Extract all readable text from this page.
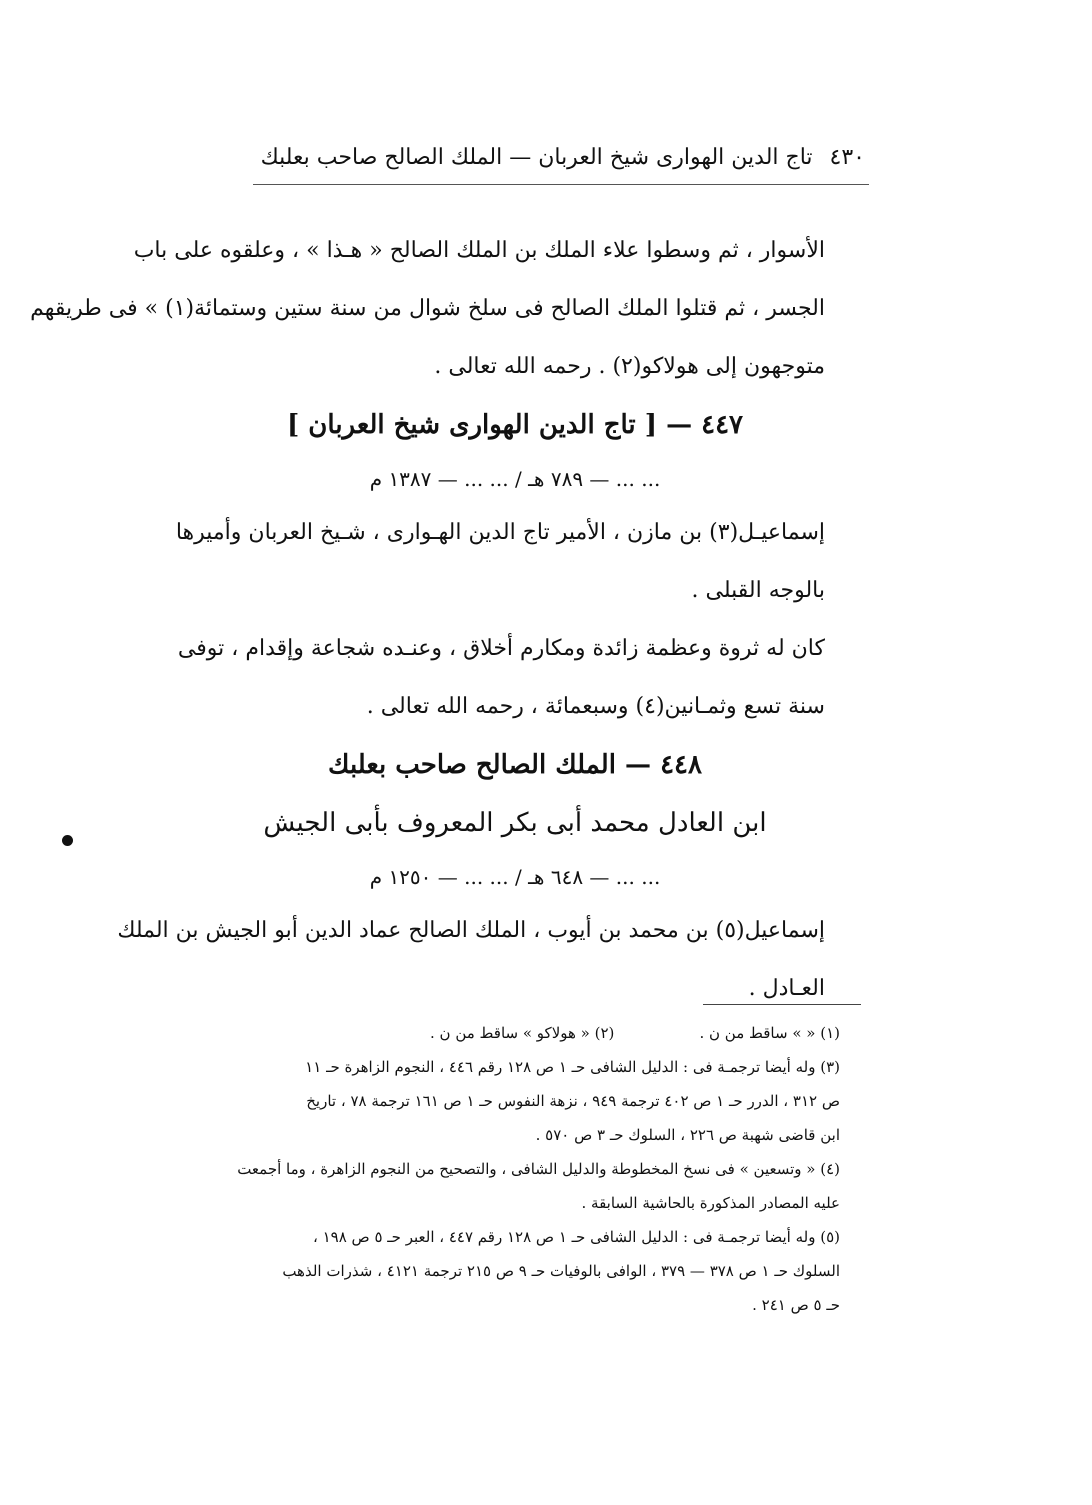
٤٣٠ تاج الدين الهوارى شيخ العربان — الملك الصالح صاحب بعلبك
الأسوار ، ثم وسطوا علاء الملك بن الملك الصالح « هـذا » ، وعلقوه على باب
الجسر ، ثم قتلوا الملك الصالح فى سلخ شوال من سنة ستين وستمائة(١) » فى طريقهم
متوجهون إلى هولاكو(٢) . رحمه الله تعالى .
٤٤٧ — [ تاج الدين الهوارى شيخ العربان ]
... ... — ٧٨٩ هـ / ... ... — ١٣٨٧ م
إسماعيـل(٣) بن مازن ، الأمير تاج الدين الهـوارى ، شـيخ العربان وأميرها
بالوجه القبلى .
كان له ثروة وعظمة زائدة ومكارم أخلاق ، وعنـده شجاعة وإقدام ، توفى
سنة تسع وثمـانين(٤) وسبعمائة ، رحمه الله تعالى .
٤٤٨ — الملك الصالح صاحب بعلبك
ابن العادل محمد أبى بكر المعروف بأبى الجيش
... ... — ٦٤٨ هـ / ... ... — ١٢٥٠ م
إسماعيل(٥) بن محمد بن أيوب ، الملك الصالح عماد الدين أبو الجيش بن الملك
العـادل .
(١) « » ساقط من ن .
(٢) « هولاكو » ساقط من ن .
(٣) وله أيضا ترجمـة فى : الدليل الشافى حـ ١ ص ١٢٨ رقم ٤٤٦ ، النجوم الزاهرة حـ ١١
ص ٣١٢ ، الدرر حـ ١ ص ٤٠٢ ترجمة ٩٤٩ ، نزهة النفوس حـ ١ ص ١٦١ ترجمة ٧٨ ، تاريخ
ابن قاضى شهبة ص ٢٢٦ ، السلوك حـ ٣ ص ٥٧٠ .
(٤) « وتسعين » فى نسخ المخطوطة والدليل الشافى ، والتصحيح من النجوم الزاهرة ، وما أجمعت
عليه المصادر المذكورة بالحاشية السابقة .
(٥) وله أيضا ترجمـة فى : الدليل الشافى حـ ١ ص ١٢٨ رقم ٤٤٧ ، العبر حـ ٥ ص ١٩٨ ،
السلوك حـ ١ ص ٣٧٨ — ٣٧٩ ، الوافى بالوفيات حـ ٩ ص ٢١٥ ترجمة ٤١٢١ ، شذرات الذهب
حـ ٥ ص ٢٤١ .
